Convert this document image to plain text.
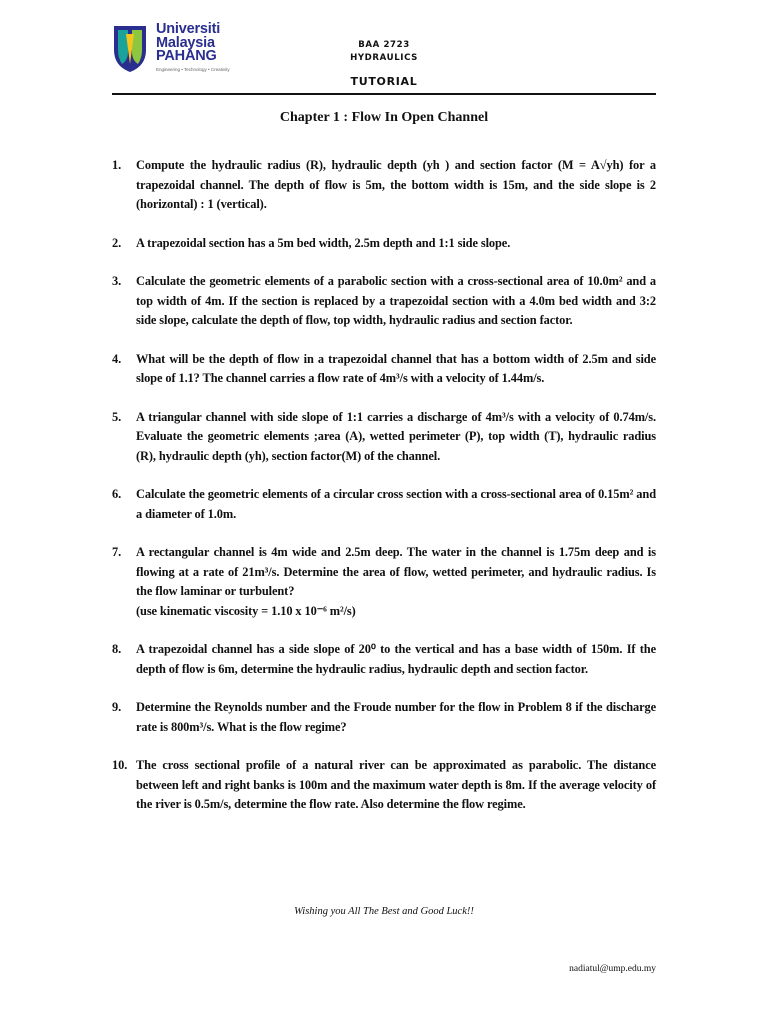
Universiti
Malaysia
PAHANG
Engineering • Technology • Creativity
BAA 2723
HYDRAULICS
TUTORIAL
Chapter 1 : Flow In Open Channel
1.	Compute the hydraulic radius (R), hydraulic depth (yh ) and section factor (M = A√yh) for a trapezoidal channel. The depth of flow is 5m, the bottom width is 15m, and the side slope is 2 (horizontal) : 1 (vertical).
2.	A trapezoidal section has a 5m bed width, 2.5m depth and 1:1 side slope.
3.	Calculate the geometric elements of a parabolic section with a cross-sectional area of 10.0m² and a top width of 4m. If the section is replaced by a trapezoidal section with a 4.0m bed width and 3:2 side slope, calculate the depth of flow, top width, hydraulic radius and section factor.
4.	What will be the depth of flow in a trapezoidal channel that has a bottom width of 2.5m and side slope of 1.1? The channel carries a flow rate of 4m³/s with a velocity of 1.44m/s.
5.	A triangular channel with side slope of 1:1 carries a discharge of 4m³/s with a velocity of 0.74m/s. Evaluate the geometric elements ;area (A), wetted perimeter (P), top width (T), hydraulic radius (R), hydraulic depth (yh), section factor(M) of the channel.
6.	Calculate the geometric elements of a circular cross section with a cross-sectional area of 0.15m² and a diameter of 1.0m.
7.	A rectangular channel is 4m wide and 2.5m deep. The water in the channel is 1.75m deep and is flowing at a rate of 21m³/s. Determine the area of flow, wetted perimeter, and hydraulic radius. Is the flow laminar or turbulent?
(use kinematic viscosity = 1.10 x 10⁻⁶ m²/s)
8.	A trapezoidal channel has a side slope of 20⁰ to the vertical and has a base width of 150m. If the depth of flow is 6m, determine the hydraulic radius, hydraulic depth and section factor.
9.	Determine the Reynolds number and the Froude number for the flow in Problem 8 if the discharge rate is 800m³/s. What is the flow regime?
10. The cross sectional profile of a natural river can be approximated as parabolic. The distance between left and right banks is 100m and the maximum water depth is 8m. If the average velocity of the river is 0.5m/s, determine the flow rate. Also determine the flow regime.
Wishing you All The Best and Good Luck!!
nadiatul@ump.edu.my
